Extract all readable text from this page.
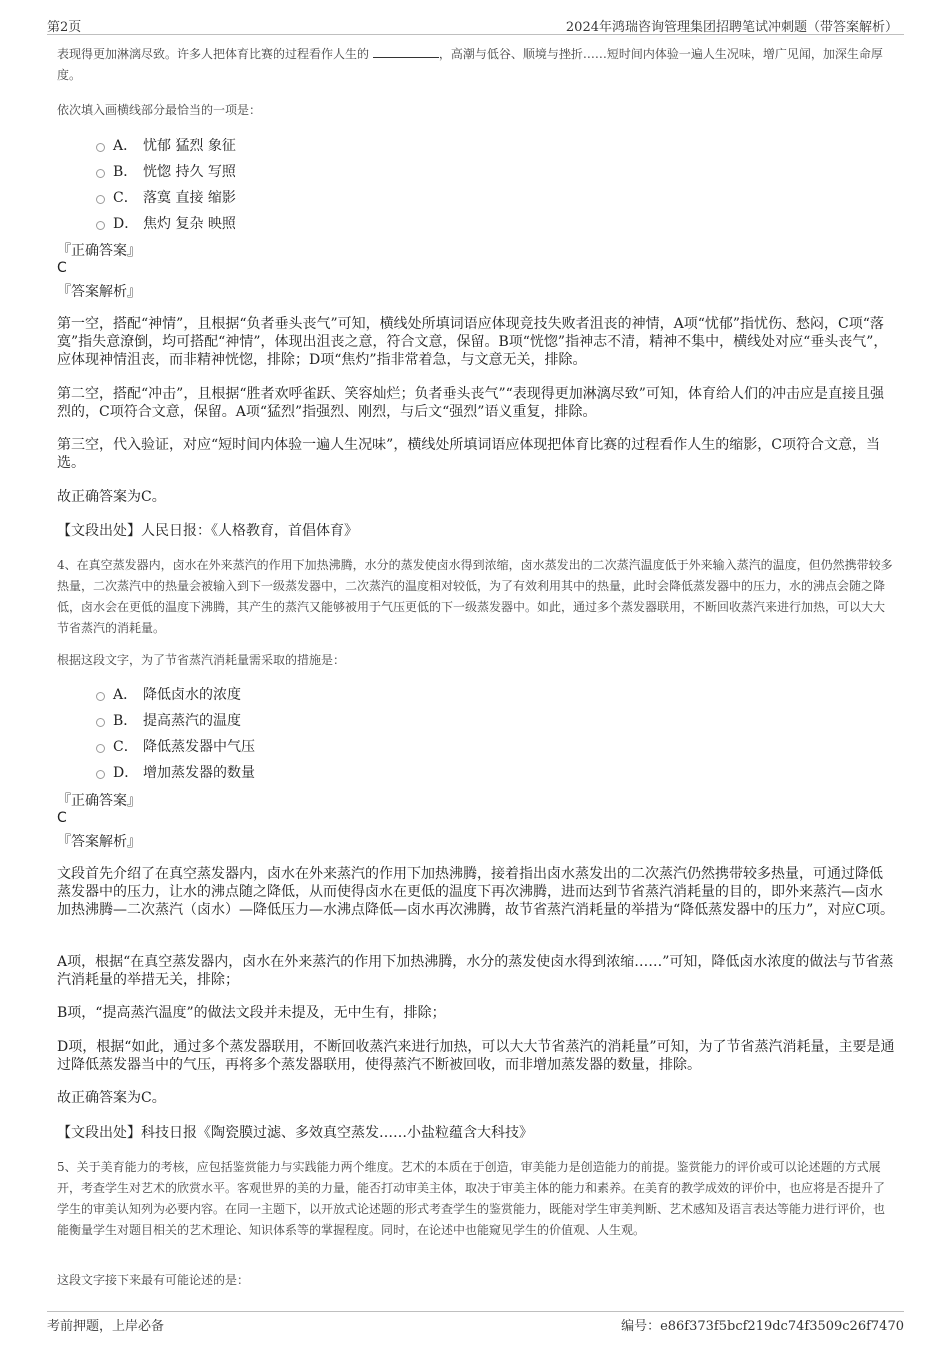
第2页	2024年鸿瑞咨询管理集团招聘笔试冲刺题（带答案解析）

表现得更加淋漓尽致。许多人把体育比赛的过程看作人生的	，高潮与低谷、顺境与挫折……短时间内体验一遍人生况味，增广见闻，加深生命厚度。

依次填入画横线部分最恰当的一项是：

A． 忧郁 猛烈 象征
B． 恍惚 持久 写照
C． 落寞 直接 缩影
D． 焦灼 复杂 映照
『正确答案』
C
『答案解析』

第一空，搭配“神情”，且根据“负者垂头丧气”可知，横线处所填词语应体现竞技失败者沮丧的神情，A项“忧郁”指忧伤、愁闷，C项“落寞”指失意潦倒，均可搭配“神情”，体现出沮丧之意，符合文意，保留。B项“恍惚”指神志不清，精神不集中，横线处对应“垂头丧气”，应体现神情沮丧，而非精神恍惚，排除；D项“焦灼”指非常着急，与文意无关，排除。

第二空，搭配“冲击”，且根据“胜者欢呼雀跃、笑容灿烂；负者垂头丧气”“表现得更加淋漓尽致”可知，体育给人们的冲击应是直接且强烈的，C项符合文意，保留。A项“猛烈”指强烈、刚烈，与后文“强烈”语义重复，排除。

第三空，代入验证，对应“短时间内体验一遍人生况味”，横线处所填词语应体现把体育比赛的过程看作人生的缩影，C项符合文意，当选。

故正确答案为C。

【文段出处】人民日报：《人格教育，首倡体育》

4、在真空蒸发器内，卤水在外来蒸汽的作用下加热沸腾，水分的蒸发使卤水得到浓缩，卤水蒸发出的二次蒸汽温度低于外来输入蒸汽的温度，但仍然携带较多热量，二次蒸汽中的热量会被输入到下一级蒸发器中，二次蒸汽的温度相对较低，为了有效利用其中的热量，此时会降低蒸发器中的压力，水的沸点会随之降低，卤水会在更低的温度下沸腾，其产生的蒸汽又能够被用于气压更低的下一级蒸发器中。如此，通过多个蒸发器联用，不断回收蒸汽来进行加热，可以大大节省蒸汽的消耗量。

根据这段文字，为了节省蒸汽消耗量需采取的措施是：

A． 降低卤水的浓度
B． 提高蒸汽的温度
C． 降低蒸发器中气压
D． 增加蒸发器的数量
『正确答案』
C
『答案解析』

文段首先介绍了在真空蒸发器内，卤水在外来蒸汽的作用下加热沸腾，接着指出卤水蒸发出的二次蒸汽仍然携带较多热量，可通过降低蒸发器中的压力，让水的沸点随之降低，从而使得卤水在更低的温度下再次沸腾，进而达到节省蒸汽消耗量的目的，即外来蒸汽—卤水加热沸腾—二次蒸汽（卤水）—降低压力—水沸点降低—卤水再次沸腾，故节省蒸汽消耗量的举措为“降低蒸发器中的压力”，对应C项。

A项，根据“在真空蒸发器内，卤水在外来蒸汽的作用下加热沸腾，水分的蒸发使卤水得到浓缩……”可知，降低卤水浓度的做法与节省蒸汽消耗量的举措无关，排除；

B项，“提高蒸汽温度”的做法文段并未提及，无中生有，排除；

D项，根据“如此，通过多个蒸发器联用，不断回收蒸汽来进行加热，可以大大节省蒸汽的消耗量”可知，为了节省蒸汽消耗量，主要是通过降低蒸发器当中的气压，再将多个蒸发器联用，使得蒸汽不断被回收，而非增加蒸发器的数量，排除。

故正确答案为C。

【文段出处】科技日报《陶瓷膜过滤、多效真空蒸发……小盐粒蕴含大科技》

5、关于美育能力的考核，应包括鉴赏能力与实践能力两个维度。艺术的本质在于创造，审美能力是创造能力的前提。鉴赏能力的评价或可以论述题的方式展开，考查学生对艺术的欣赏水平。客观世界的美的力量，能否打动审美主体，取决于审美主体的能力和素养。在美育的教学成效的评价中，也应将是否提升了学生的审美认知列为必要内容。在同一主题下，以开放式论述题的形式考查学生的鉴赏能力，既能对学生审美判断、艺术感知及语言表达等能力进行评价，也能衡量学生对题目相关的艺术理论、知识体系等的掌握程度。同时，在论述中也能窥见学生的价值观、人生观。

这段文字接下来最有可能论述的是：

考前押题，上岸必备	编号：e86f373f5bcf219dc74f3509c26f7470
